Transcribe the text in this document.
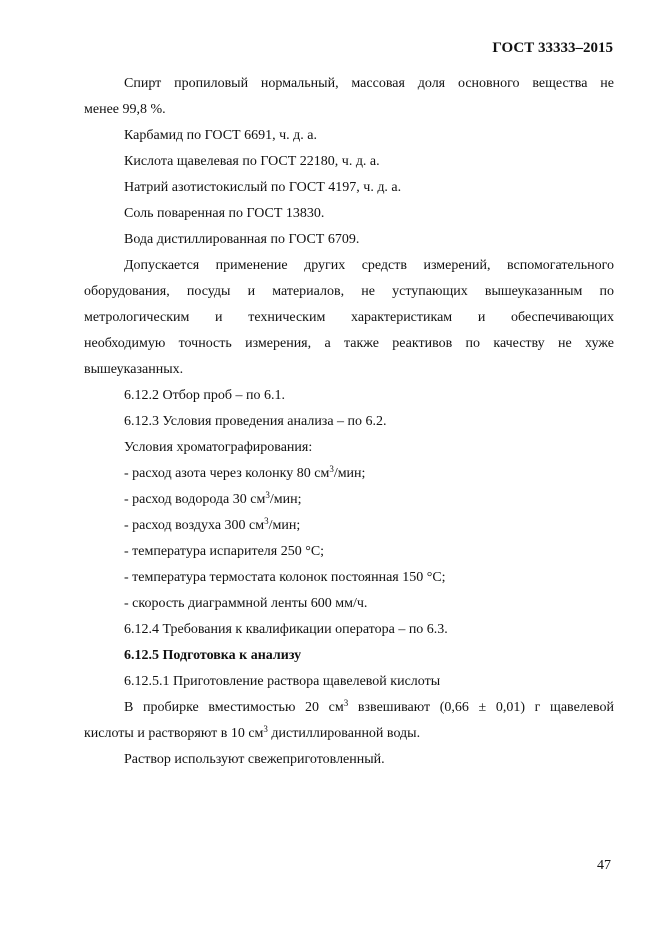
ГОСТ 33333–2015
Спирт пропиловый нормальный, массовая доля основного вещества не
менее 99,8 %.
Карбамид по ГОСТ 6691, ч. д. а.
Кислота щавелевая по ГОСТ 22180, ч. д. а.
Натрий азотистокислый по ГОСТ 4197, ч. д. а.
Соль поваренная по ГОСТ 13830.
Вода дистиллированная по ГОСТ 6709.
Допускается применение других средств измерений, вспомогательного
оборудования, посуды и материалов, не уступающих вышеуказанным по
метрологическим и техническим характеристикам и обеспечивающих
необходимую точность измерения, а также реактивов по качеству не хуже
вышеуказанных.
6.12.2 Отбор проб – по 6.1.
6.12.3 Условия проведения анализа – по 6.2.
Условия хроматографирования:
- расход азота через колонку 80 $см^3$/мин;
- расход водорода 30 $см^3$/мин;
- расход воздуха 300 $см^3$/мин;
- температура испарителя 250 °С;
- температура термостата колонок постоянная 150 °С;
- скорость диаграммной ленты 600 мм/ч.
6.12.4 Требования к квалификации оператора – по 6.3.
6.12.5 Подготовка к анализу
6.12.5.1 Приготовление раствора щавелевой кислоты
В пробирке вместимостью 20 $см^3$ взвешивают (0,66 ± 0,01) г щавелевой
кислоты и растворяют в 10 $см^3$ дистиллированной воды.
Раствор используют свежеприготовленный.
47
